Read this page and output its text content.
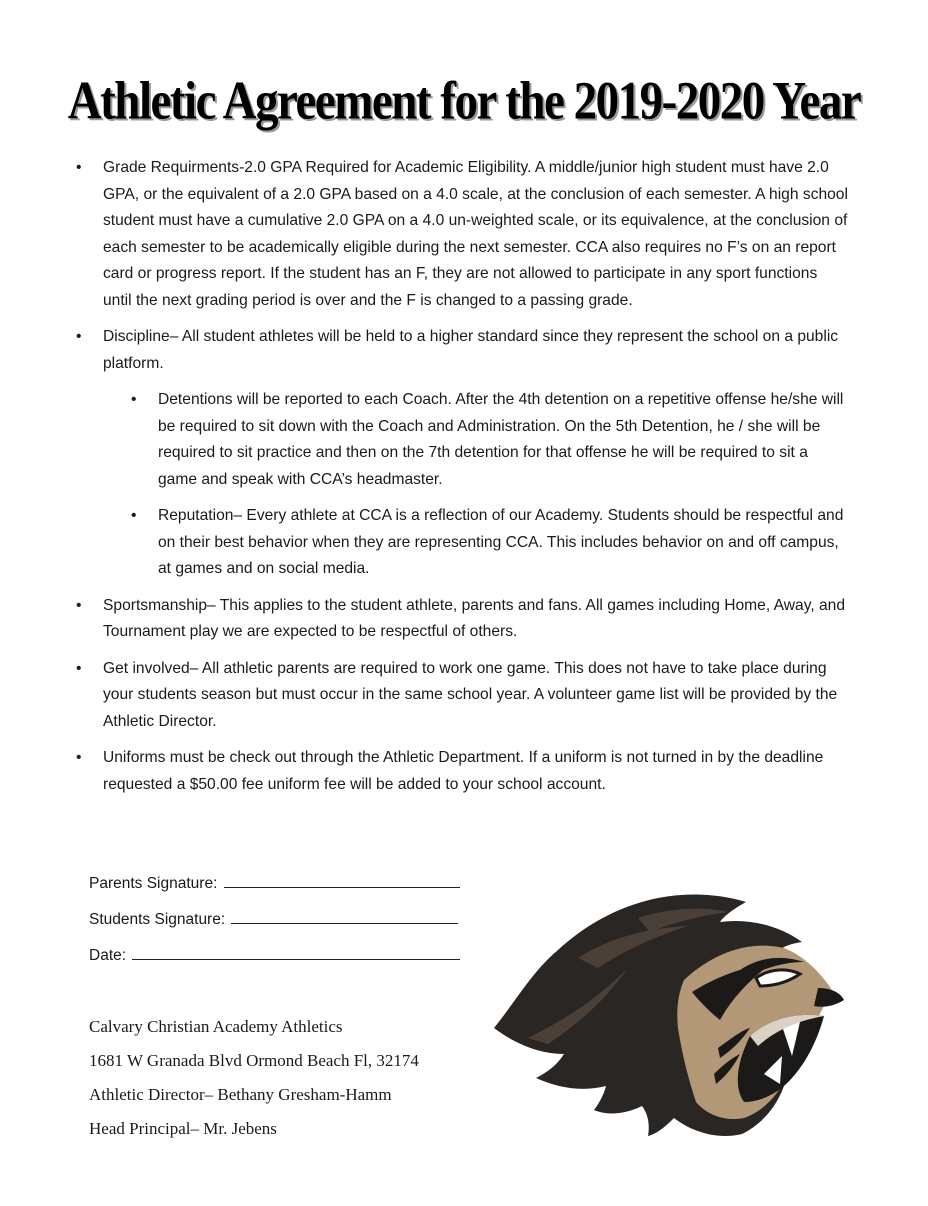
Athletic Agreement for the 2019-2020 Year
• Grade Requirments-2.0 GPA Required for Academic Eligibility. A middle/junior high student must have 2.0 GPA, or the equivalent of a 2.0 GPA based on a 4.0 scale, at the conclusion of each semester. A high school student must have a cumulative 2.0 GPA on a 4.0 un-weighted scale, or its equivalence, at the conclusion of each semester to be academically eligible during the next semester. CCA also requires no F’s on an report card or progress report. If the student has an F, they are not allowed to participate in any sport functions until the next grading period is over and the F is changed to a passing grade.
• Discipline– All student athletes will be held to a higher standard since they represent the school on a public platform.
• Detentions will be reported to each Coach. After the 4th detention on a repetitive offense he/she will be required to sit down with the Coach and Administration. On the 5th Detention, he / she will be required to sit practice and then on the 7th detention for that offense he will be required to sit a game and speak with CCA’s headmaster.
• Reputation– Every athlete at CCA is a reflection of our Academy. Students should be respectful and on their best behavior when they are representing CCA. This includes behavior on and off campus, at games and on social media.
• Sportsmanship– This applies to the student athlete, parents and fans. All games including Home, Away, and Tournament play we are expected to be respectful of others.
• Get involved– All athletic parents are required to work one game. This does not have to take place during your students season but must occur in the same school year. A volunteer game list will be provided by the Athletic Director.
• Uniforms must be check out through the Athletic Department. If a uniform is not turned in by the deadline requested a $50.00 fee uniform fee will be added to your school account.
Parents Signature:
Students Signature:
Date:
Calvary Christian Academy Athletics
1681 W Granada Blvd Ormond Beach Fl, 32174
Athletic Director– Bethany Gresham-Hamm
Head Principal– Mr. Jebens
